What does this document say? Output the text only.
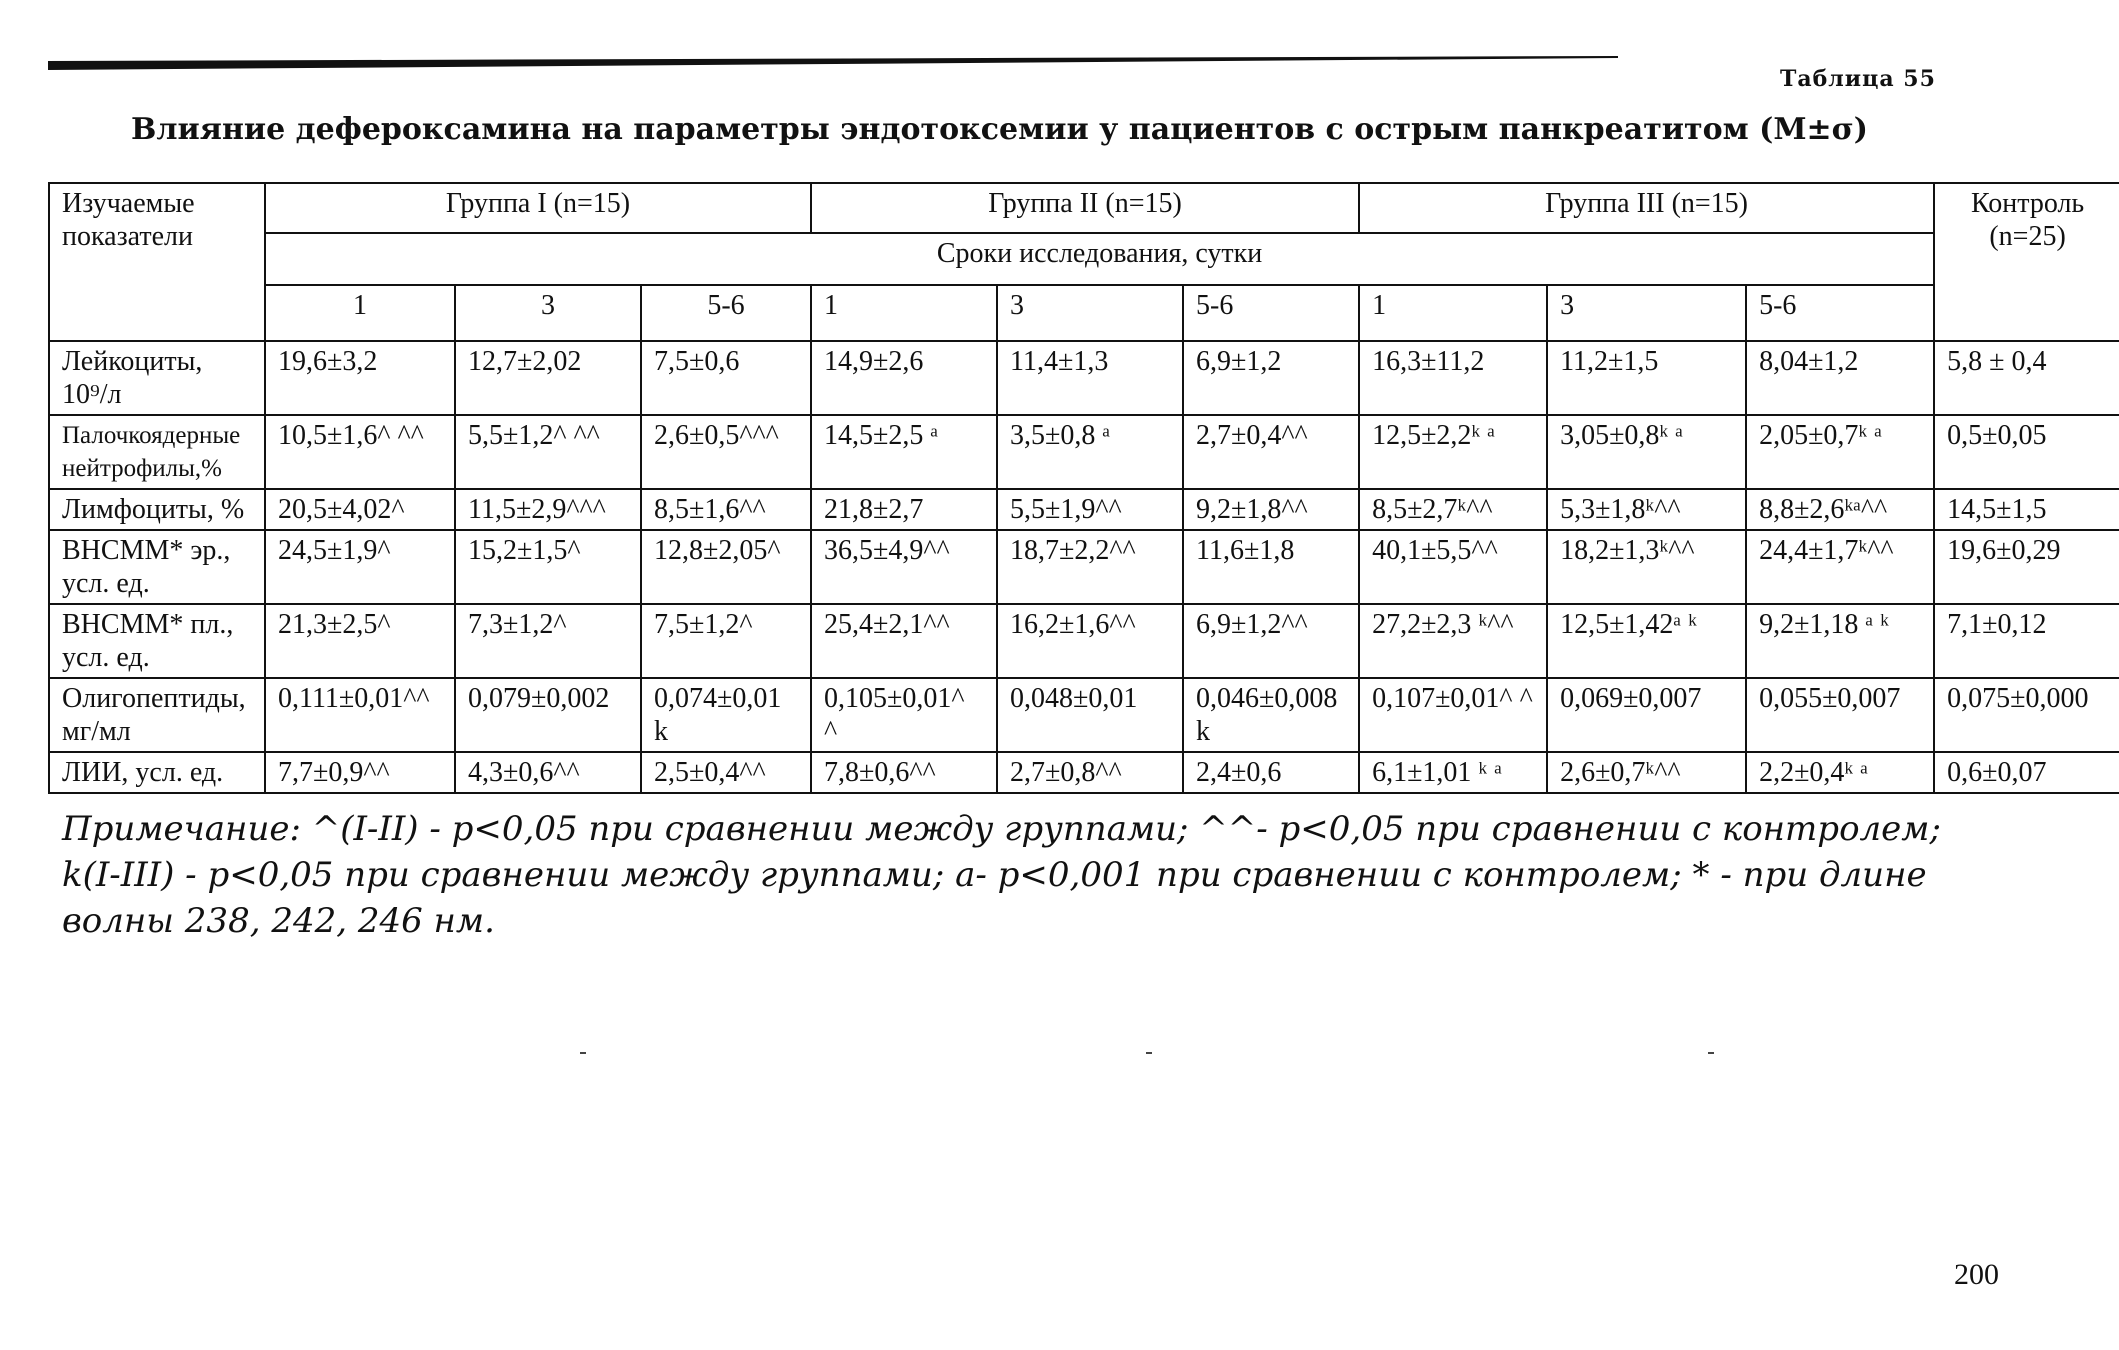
Таблица 55
Влияние дефероксамина на параметры эндотоксемии у пациентов с острым панкреатитом (M±σ)
Изучаемые показатели	Группа I (n=15)			Группа II (n=15)			Группа III (n=15)			Контроль (n=25)
	Сроки исследования, сутки									
	1	3	5-6	1	3	5-6	1	3	5-6	
Лейкоциты, 10⁹/л	19,6±3,2	12,7±2,02	7,5±0,6	14,9±2,6	11,4±1,3	6,9±1,2	16,3±11,2	11,2±1,5	8,04±1,2	5,8 ± 0,4
Палочкоядерные нейтрофилы,%	10,5±1,6^ ^^	5,5±1,2^ ^^	2,6±0,5^^^	14,5±2,5 ᵃ	3,5±0,8 ᵃ	2,7±0,4^^	12,5±2,2ᵏ ᵃ	3,05±0,8ᵏ ᵃ	2,05±0,7ᵏ ᵃ	0,5±0,05
Лимфоциты, %	20,5±4,02^	11,5±2,9^^^	8,5±1,6^^	21,8±2,7	5,5±1,9^^	9,2±1,8^^	8,5±2,7ᵏ^^	5,3±1,8ᵏ^^	8,8±2,6ᵏᵃ^^	14,5±1,5
ВНСММ* эр., усл. ед.	24,5±1,9^	15,2±1,5^	12,8±2,05^	36,5±4,9^^	18,7±2,2^^	11,6±1,8	40,1±5,5^^	18,2±1,3ᵏ^^	24,4±1,7ᵏ^^	19,6±0,29
ВНСММ* пл., усл. ед.	21,3±2,5^	7,3±1,2^	7,5±1,2^	25,4±2,1^^	16,2±1,6^^	6,9±1,2^^	27,2±2,3 ᵏ^^	12,5±1,42ᵃ ᵏ	9,2±1,18 ᵃ ᵏ	7,1±0,12
Олигопептиды, мг/мл	0,111±0,01^^	0,079±0,002	0,074±0,01 k	0,105±0,01^ ^	0,048±0,01	0,046±0,008 k	0,107±0,01^ ^	0,069±0,007	0,055±0,007	0,075±0,000
ЛИИ, усл. ед.	7,7±0,9^^	4,3±0,6^^	2,5±0,4^^	7,8±0,6^^	2,7±0,8^^	2,4±0,6	6,1±1,01 ᵏ ᵃ	2,6±0,7ᵏ^^	2,2±0,4ᵏ ᵃ	0,6±0,07
Примечание: ^(I-II) - p<0,05 при сравнении между группами; ^^- p<0,05 при сравнении с контролем; k(I-III) - p<0,05 при сравнении между группами; a- p<0,001 при сравнении с контролем; * - при длине волны 238, 242, 246 нм.
200
